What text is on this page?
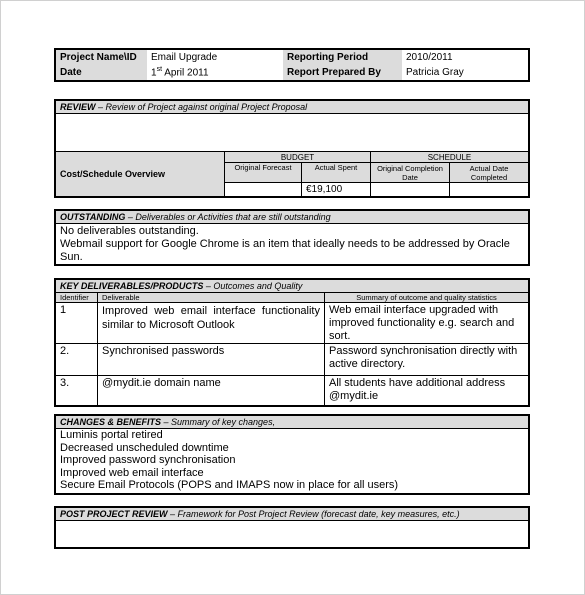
Project Name\ID	Email Upgrade	Reporting Period	2010/2011
Date	1st April 2011	Report Prepared By	Patricia Gray
REVIEW – Review of Project against original Project Proposal				

Cost/Schedule Overview	BUDGET		SCHEDULE	
	Original Forecast	Actual Spent	Original Completion Date	Actual Date Completed
		€19,100		
OUTSTANDING – Deliverables or Activities that are still outstanding

No deliverables outstanding.
Webmail support for Google Chrome is an item that ideally needs to be addressed by Oracle Sun.
KEY DELIVERABLES/PRODUCTS – Outcomes and Quality		
Identifier	Deliverable	Summary of outcome and quality statistics
1	Improved web email interface functionality similar to Microsoft Outlook	Web email interface upgraded with improved functionality e.g. search and sort.
2.	Synchronised passwords	Password synchronisation directly with active directory.
3.	@mydit.ie domain name	All students have additional address @mydit.ie
CHANGES & BENEFITS – Summary of key changes,

Luminis portal retired
Decreased unscheduled downtime
Improved password synchronisation
Improved web email interface
Secure Email Protocols (POPS and IMAPS now in place for all users)
POST PROJECT REVIEW – Framework for Post Project Review (forecast date, key measures, etc.)
